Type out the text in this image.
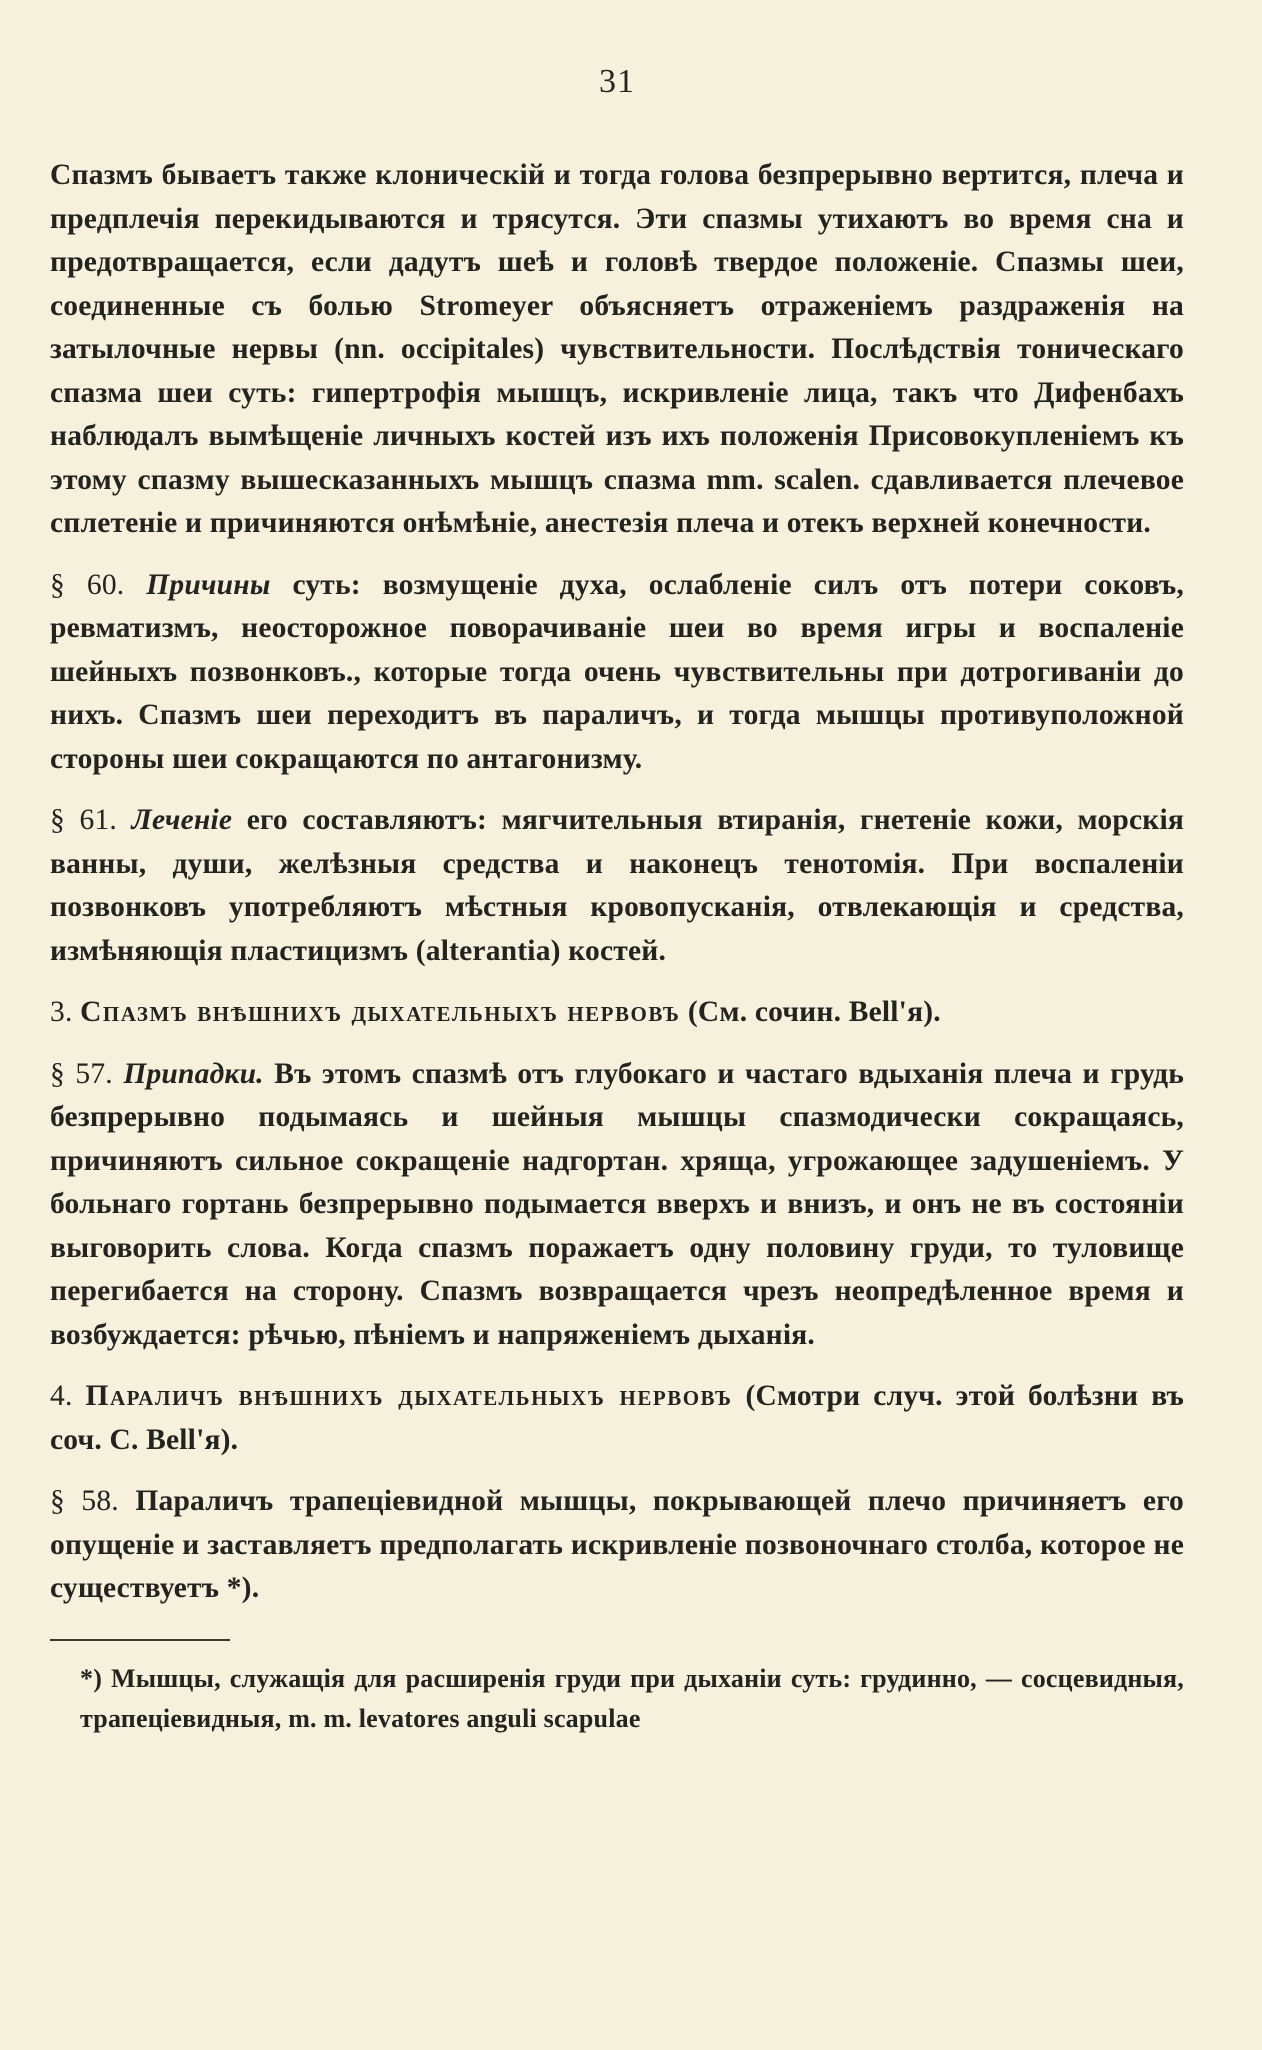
31

Спазмъ бываетъ также клоническій и тогда голова безпрерывно вертится, плеча и предплечія перекидываются и трясутся. Эти спазмы утихаютъ во время сна и предотвращается, если дадутъ шеѣ и головѣ твердое положеніе. Спазмы шеи, соединенные съ болью Stromeyer объясняетъ отраженіемъ раздраженія на затылочные нервы (nn. occipitales) чувствительности. Послѣдствія тоническаго спазма шеи суть: гипертрофія мышцъ, искривленіе лица, такъ что Дифенбахъ наблюдалъ вымѣщеніе личныхъ костей изъ ихъ положенія Присовокупленіемъ къ этому спазму вышесказанныхъ мышцъ спазма mm. scalen. сдавливается плечевое сплетеніе и причиняются онѣмѣніе, анестезія плеча и отекъ верхней конечности.

§ 60. Причины суть: возмущеніе духа, ослабленіе силъ отъ потери соковъ, ревматизмъ, неосторожное поворачиваніе шеи во время игры и воспаленіе шейныхъ позвонковъ., которые тогда очень чувствительны при дотрогиваніи до нихъ. Спазмъ шеи переходитъ въ параличъ, и тогда мышцы противуположной стороны шеи сокращаются по антагонизму.

§ 61. Леченіе его составляютъ: мягчительныя втиранія, гнетеніе кожи, морскія ванны, души, желѣзныя средства и наконецъ тенотомія. При воспаленіи позвонковъ употребляютъ мѣстныя кровопусканія, отвлекающія и средства, измѣняющія пластицизмъ (alterantia) костей.

3. Спазмъ внѣшнихъ дыхательныхъ нервовъ (См. сочин. Bell'я).

§ 57. Припадки. Въ этомъ спазмѣ отъ глубокаго и частаго вдыханія плеча и грудь безпрерывно подымаясь и шейныя мышцы спазмодически сокращаясь, причиняютъ сильное сокращеніе надгортан. хряща, угрожающее задушеніемъ. У больнаго гортань безпрерывно подымается вверхъ и внизъ, и онъ не въ состояніи выговорить слова. Когда спазмъ поражаетъ одну половину груди, то туловище перегибается на сторону. Спазмъ возвращается чрезъ неопредѣленное время и возбуждается: рѣчью, пѣніемъ и напряженіемъ дыханія.

4. Параличъ внѣшнихъ дыхательныхъ нервовъ (Смотри случ. этой болѣзни въ соч. C. Bell'я).

§ 58. Параличъ трапеціевидной мышцы, покрывающей плечо причиняетъ его опущеніе и заставляетъ предполагать искривленіе позвоночнаго столба, которое не существуетъ *).

*) Мышцы, служащія для расширенія груди при дыханіи суть: грудинно, — сосцевидныя, трапеціевидныя, m. m. levatores anguli scapulae
